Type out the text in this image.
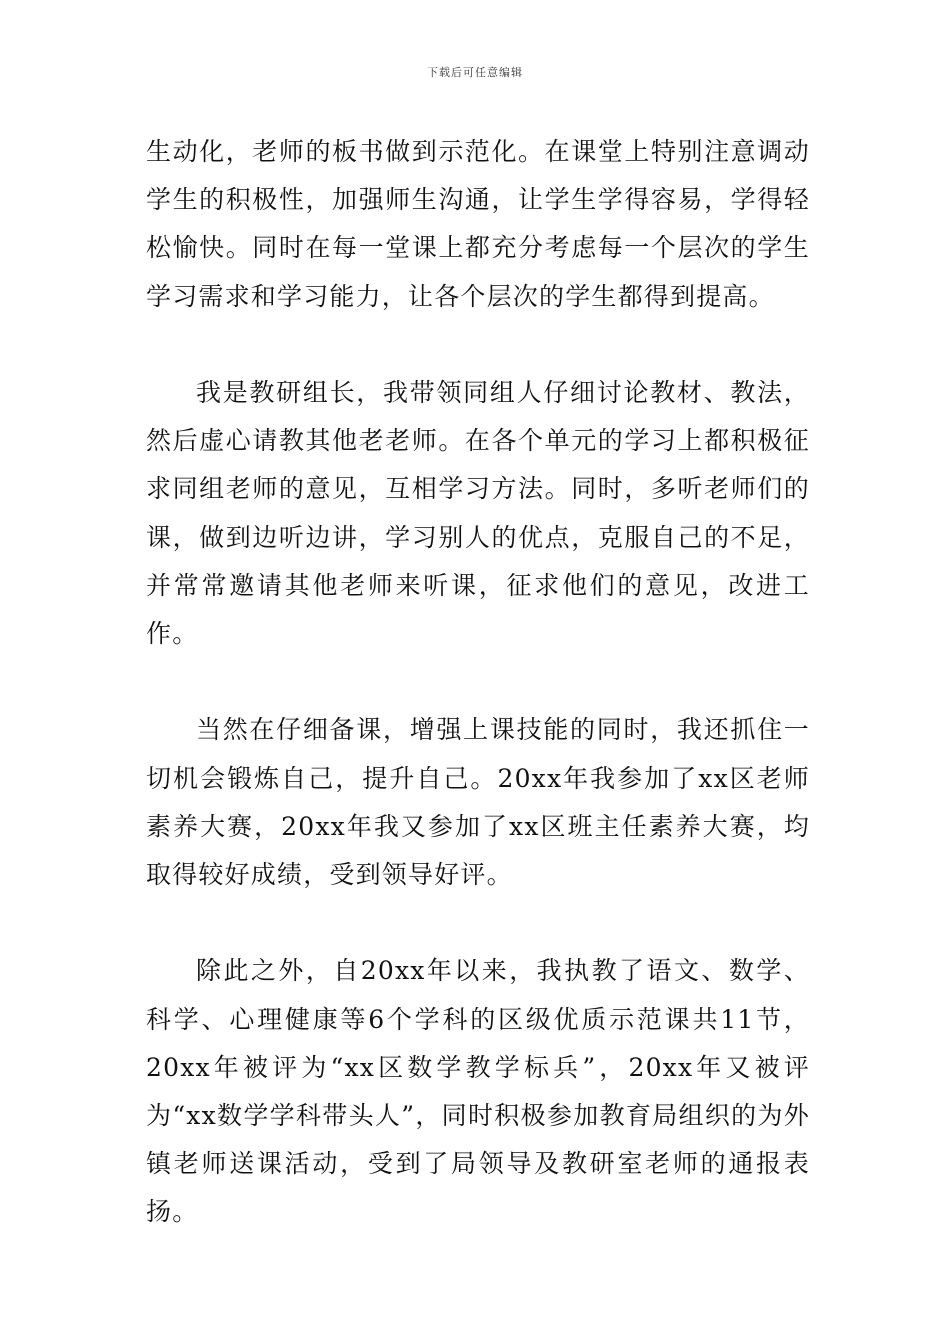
下载后可任意编辑

生动化，老师的板书做到示范化。在课堂上特别注意调动学生的积极性，加强师生沟通，让学生学得容易，学得轻松愉快。同时在每一堂课上都充分考虑每一个层次的学生学习需求和学习能力，让各个层次的学生都得到提高。

我是教研组长，我带领同组人仔细讨论教材、教法，然后虚心请教其他老老师。在各个单元的学习上都积极征求同组老师的意见，互相学习方法。同时，多听老师们的课，做到边听边讲，学习别人的优点，克服自己的不足，并常常邀请其他老师来听课，征求他们的意见，改进工作。

当然在仔细备课，增强上课技能的同时，我还抓住一切机会锻炼自己，提升自己。20xx年我参加了xx区老师素养大赛，20xx年我又参加了xx区班主任素养大赛，均取得较好成绩，受到领导好评。

除此之外，自20xx年以来，我执教了语文、数学、科学、心理健康等6个学科的区级优质示范课共11节，20xx年被评为“xx区数学教学标兵”，20xx年又被评为“xx数学学科带头人”，同时积极参加教育局组织的为外镇老师送课活动，受到了局领导及教研室老师的通报表扬。
